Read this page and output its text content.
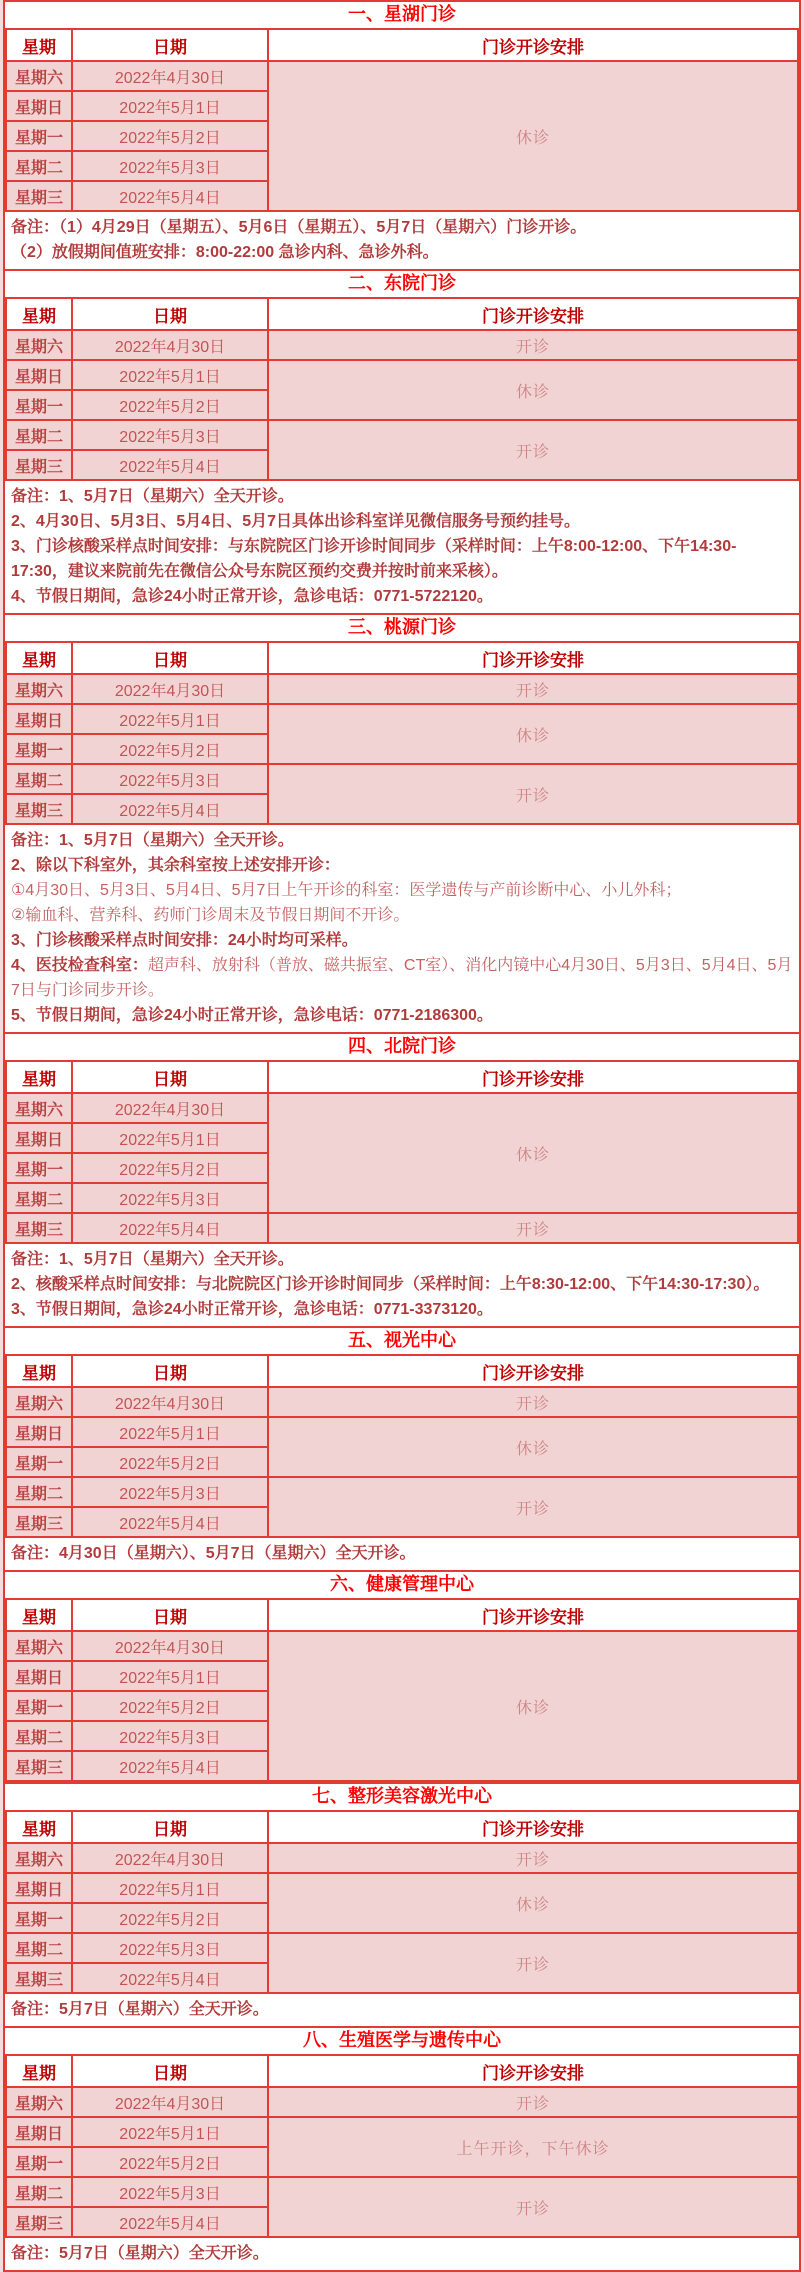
一、星湖门诊
星期	日期	门诊开诊安排
星期六	2022年4月30日	休诊
星期日	2022年5月1日	
星期一	2022年5月2日	
星期二	2022年5月3日	
星期三	2022年5月4日	
备注：（1）4月29日（星期五）、5月6日（星期五）、5月7日（星期六）门诊开诊。
（2）放假期间值班安排：8:00-22:00 急诊内科、急诊外科。
二、东院门诊
星期	日期	门诊开诊安排
星期六	2022年4月30日	开诊
星期日	2022年5月1日	休诊
星期一	2022年5月2日	
星期二	2022年5月3日	开诊
星期三	2022年5月4日	
备注：1、5月7日（星期六）全天开诊。
2、4月30日、5月3日、5月4日、5月7日具体出诊科室详见微信服务号预约挂号。
3、门诊核酸采样点时间安排：与东院院区门诊开诊时间同步（采样时间：上午8:00-12:00、下午14:30-17:30，建议来院前先在微信公众号东院区预约交费并按时前来采核）。
4、节假日期间，急诊24小时正常开诊，急诊电话：0771-5722120。
三、桃源门诊
星期	日期	门诊开诊安排
星期六	2022年4月30日	开诊
星期日	2022年5月1日	休诊
星期一	2022年5月2日	
星期二	2022年5月3日	开诊
星期三	2022年5月4日	
备注：1、5月7日（星期六）全天开诊。
2、除以下科室外，其余科室按上述安排开诊：
①4月30日、5月3日、5月4日、5月7日上午开诊的科室：医学遗传与产前诊断中心、小儿外科；
②输血科、营养科、药师门诊周末及节假日期间不开诊。
3、门诊核酸采样点时间安排：24小时均可采样。
4、医技检查科室：超声科、放射科（普放、磁共振室、CT室）、消化内镜中心4月30日、5月3日、5月4日、5月7日与门诊同步开诊。
5、节假日期间，急诊24小时正常开诊，急诊电话：0771-2186300。
四、北院门诊
星期	日期	门诊开诊安排
星期六	2022年4月30日	休诊
星期日	2022年5月1日	
星期一	2022年5月2日	
星期二	2022年5月3日	
星期三	2022年5月4日	开诊
备注：1、5月7日（星期六）全天开诊。
2、核酸采样点时间安排：与北院院区门诊开诊时间同步（采样时间：上午8:30-12:00、下午14:30-17:30）。
3、节假日期间，急诊24小时正常开诊，急诊电话：0771-3373120。
五、视光中心
星期	日期	门诊开诊安排
星期六	2022年4月30日	开诊
星期日	2022年5月1日	休诊
星期一	2022年5月2日	
星期二	2022年5月3日	开诊
星期三	2022年5月4日	
备注：4月30日（星期六）、5月7日（星期六）全天开诊。
六、健康管理中心
星期	日期	门诊开诊安排
星期六	2022年4月30日	休诊
星期日	2022年5月1日	
星期一	2022年5月2日	
星期二	2022年5月3日	
星期三	2022年5月4日	
七、整形美容激光中心
星期	日期	门诊开诊安排
星期六	2022年4月30日	开诊
星期日	2022年5月1日	休诊
星期一	2022年5月2日	
星期二	2022年5月3日	开诊
星期三	2022年5月4日	
备注：5月7日（星期六）全天开诊。
八、生殖医学与遗传中心
星期	日期	门诊开诊安排
星期六	2022年4月30日	开诊
星期日	2022年5月1日	上午开诊，下午休诊
星期一	2022年5月2日	
星期二	2022年5月3日	开诊
星期三	2022年5月4日	
备注：5月7日（星期六）全天开诊。
